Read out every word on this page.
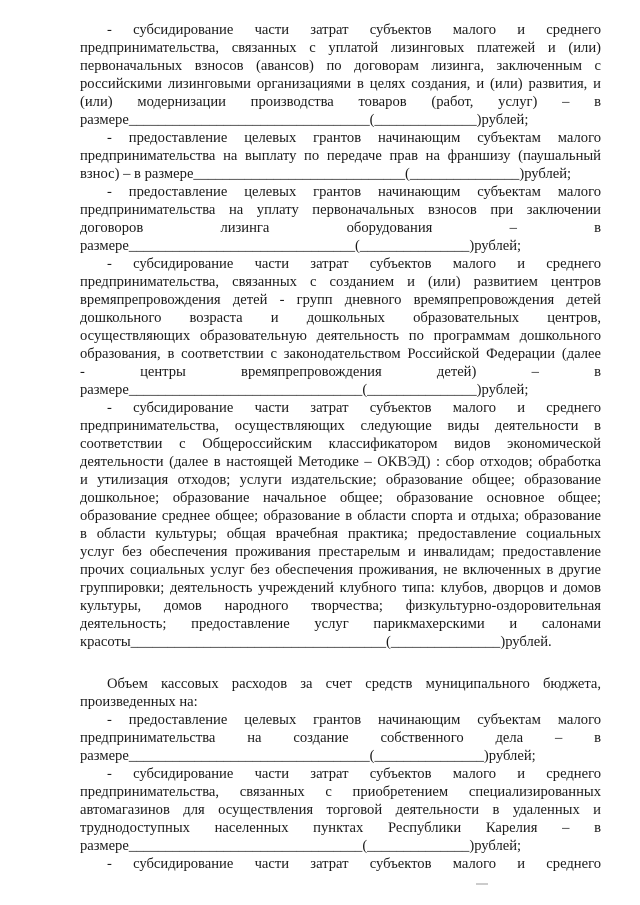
- субсидирование части затрат субъектов малого и среднего
предпринимательства, связанных с уплатой лизинговых платежей и (или)
первоначальных взносов (авансов) по договорам лизинга, заключенным с
российскими лизинговыми организациями в целях создания, и (или) развития, и
(или) модернизации производства товаров (работ, услуг) – в
размере_________________________________(______________)рублей;
- предоставление целевых грантов начинающим субъектам малого
предпринимательства на выплату по передаче прав на франшизу (паушальный
взнос) – в размере_____________________________(_______________)рублей;
- предоставление целевых грантов начинающим субъектам малого
предпринимательства на уплату первоначальных взносов при заключении
договоров лизинга оборудования – в
размере_______________________________(_______________)рублей;
- субсидирование части затрат субъектов малого и среднего
предпринимательства, связанных с созданием и (или) развитием центров
времяпрепровождения детей - групп дневного времяпрепровождения детей
дошкольного возраста и дошкольных образовательных центров,
осуществляющих образовательную деятельность по программам дошкольного
образования, в соответствии с законодательством Российской Федерации (далее
- центры времяпрепровождения детей) – в
размере________________________________(_______________)рублей;
- субсидирование части затрат субъектов малого и среднего
предпринимательства, осуществляющих следующие виды деятельности в
соответствии с Общероссийским классификатором видов экономической
деятельности (далее в настоящей Методике – ОКВЭД) : сбор отходов; обработка
и утилизация отходов; услуги издательские; образование общее; образование
дошкольное; образование начальное общее; образование основное общее;
образование среднее общее; образование в области спорта и отдыха; образование
в области культуры; общая врачебная практика; предоставление социальных
услуг без обеспечения проживания престарелым и инвалидам; предоставление
прочих социальных услуг без обеспечения проживания, не включенных в другие
группировки; деятельность учреждений клубного типа: клубов, дворцов и домов
культуры, домов народного творчества; физкультурно-оздоровительная
деятельность; предоставление услуг парикмахерскими и салонами
красоты___________________________________(_______________)рублей.
Объем кассовых расходов за счет средств муниципального бюджета,
произведенных на:
- предоставление целевых грантов начинающим субъектам малого
предпринимательства на создание собственного дела – в
размере_________________________________(_______________)рублей;
- субсидирование части затрат субъектов малого и среднего
предпринимательства, связанных с приобретением специализированных
автомагазинов для осуществления торговой деятельности в удаленных и
труднодоступных населенных пунктах Республики Карелия – в
размере________________________________(______________)рублей;
- субсидирование части затрат субъектов малого и среднего
